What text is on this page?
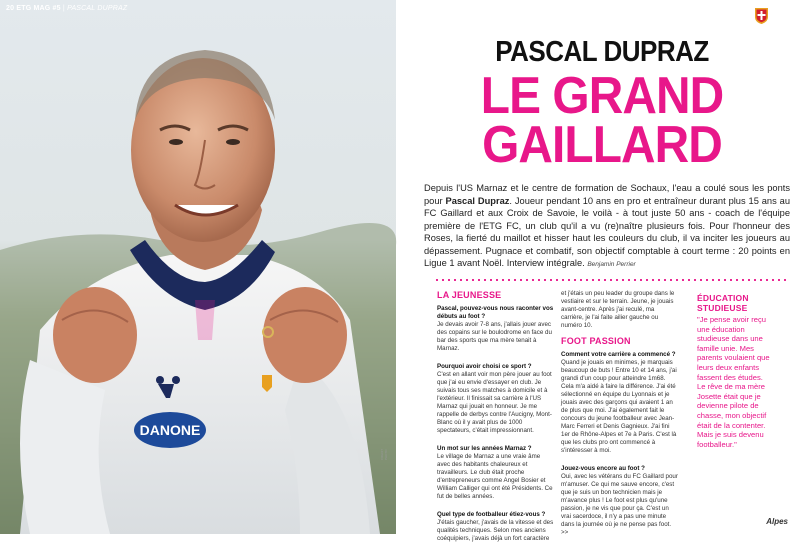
20 ETG MAG #5 | PASCAL DUPRAZ
DANONE
CREDIT PHOTO
PASCAL DUPRAZ
LE GRAND
GAILLARD
Depuis l'US Marnaz et le centre de formation de Sochaux, l'eau a coulé sous les ponts pour Pascal Dupraz. Joueur pendant 10 ans en pro et entraîneur durant plus 15 ans au FC Gaillard et aux Croix de Savoie, le voilà - à tout juste 50 ans - coach de l'équipe première de l'ETG FC, un club qu'il a vu (re)naître plusieurs fois. Pour l'honneur des Roses, la fierté du maillot et hisser haut les couleurs du club, il va inciter les joueurs au dépassement. Pugnace et combatif, son objectif comptable à court terme : 20 points en Ligue 1 avant Noël. Interview intégrale. Benjamin Perrier
LA JEUNESSE
Pascal, pouvez-vous nous raconter vos débuts au foot ?
Je devais avoir 7-8 ans, j'allais jouer avec des copains sur le boulodrome en face du bar des sports que ma mère tenait à Marnaz.
Pourquoi avoir choisi ce sport ?
C'est en allant voir mon père jouer au foot que j'ai eu envie d'essayer en club. Je suivais tous ses matches à domicile et à l'extérieur. Il finissait sa carrière à l'US Marnaz qui jouait en honneur. Je me rappelle de derbys contre l'Aucigny, Mont-Blanc où il y avait plus de 1000 spectateurs, c'était impressionnant.
Un mot sur les années Marnaz ?
Le village de Marnaz a une vraie âme avec des habitants chaleureux et travailleurs. Le club était proche d'entrepreneurs comme Angel Bosier et William Calliger qui ont été Présidents. Ce fut de belles années.
Quel type de footballeur étiez-vous ?
J'étais gaucher, j'avais de la vitesse et des qualités techniques. Selon mes anciens coéquipiers, j'avais déjà un fort caractère
et j'étais un peu leader du groupe dans le vestiaire et sur le terrain. Jeune, je jouais avant-centre. Après j'ai reculé, ma carrière, je l'ai faite ailier gauche ou numéro 10.
FOOT PASSION
Comment votre carrière a commencé ?
Quand je jouais en minimes, je marquais beaucoup de buts ! Entre 10 et 14 ans, j'ai grandi d'un coup pour atteindre 1m68. Cela m'a aidé à faire la différence. J'ai été sélectionné en équipe du Lyonnais et je jouais avec des garçons qui avaient 1 an de plus que moi. J'ai également fait le concours du jeune footballeur avec Jean-Marc Ferreri et Denis Gagnieux. J'ai fini 1er de Rhône-Alpes et 7e à Paris. C'est là que les clubs pro ont commencé à s'intéresser à moi.
Jouez-vous encore au foot ?
Oui, avec les vétérans du FC Gaillard pour m'amuser. Ce qui me sauve encore, c'est que je suis un bon technicien mais je m'avance plus ! Le foot est plus qu'une passion, je ne vis que pour ça. C'est un vrai sacerdoce, il n'y a pas une minute dans la journée où je ne pense pas foot. >>
ÉDUCATION
STUDIEUSE
"Je pense avoir reçu une éducation studieuse dans une famille unie. Mes parents voulaient que leurs deux enfants fassent des études. Le rêve de ma mère Josette était que je devienne pilote de chasse, mon objectif était de la contenter. Mais je suis devenu footballeur."
Alpes
